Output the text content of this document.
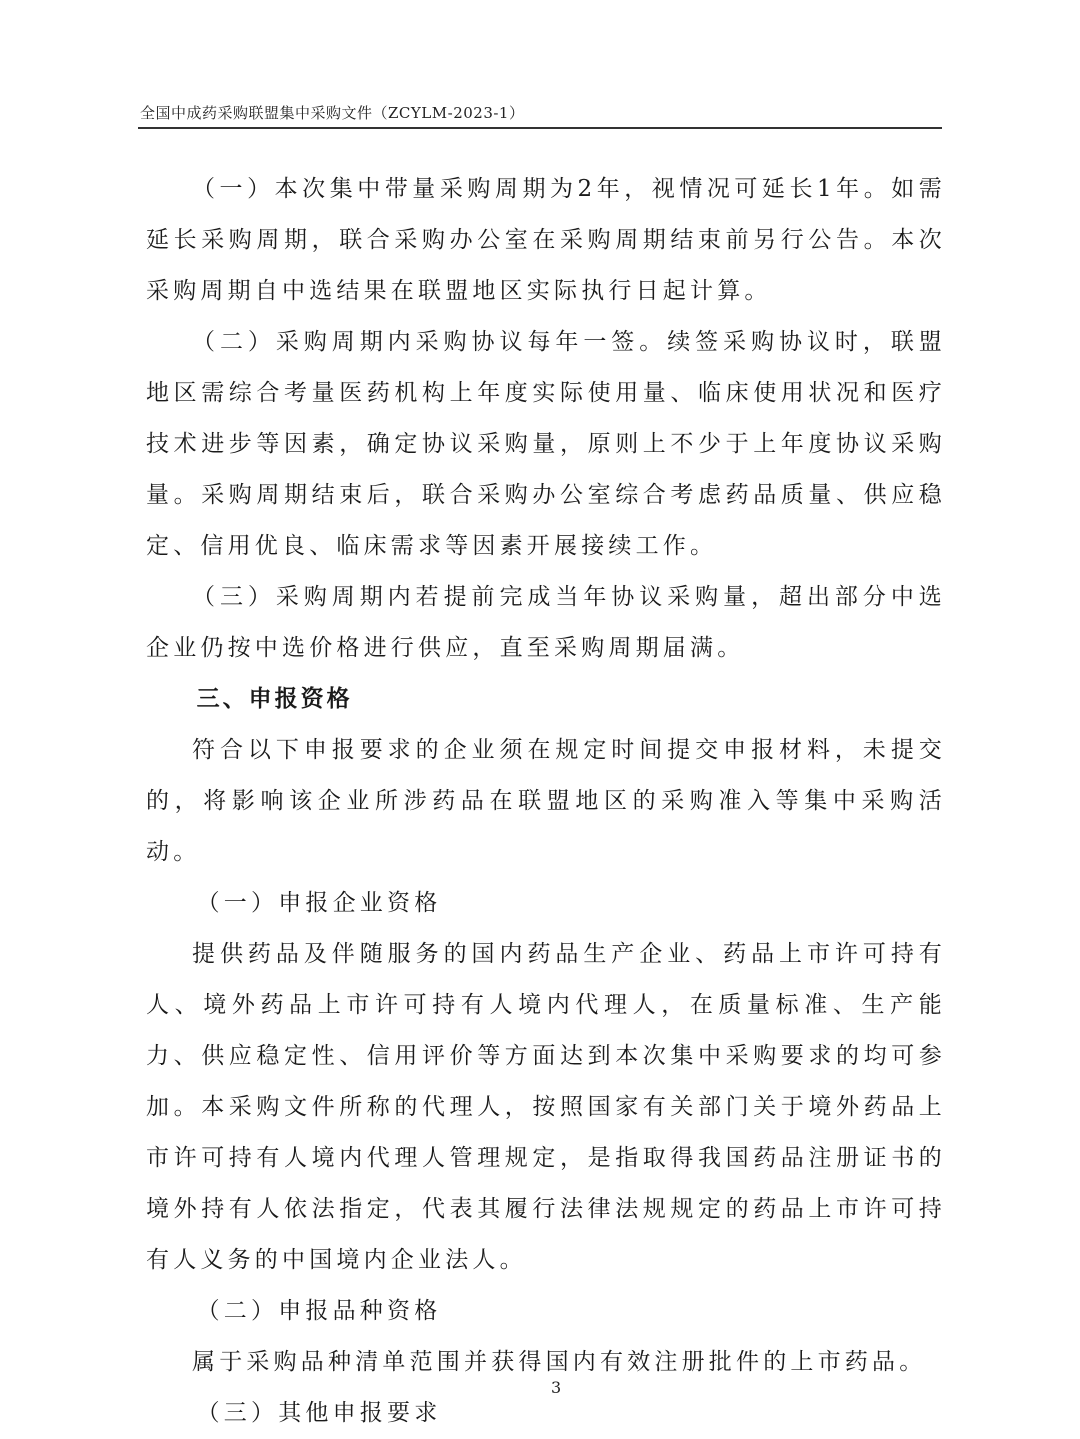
全国中成药采购联盟集中采购文件（ZCYLM-2023-1）

（一）本次集中带量采购周期为2年，视情况可延长1年。如需延长采购周期，联合采购办公室在采购周期结束前另行公告。本次采购周期自中选结果在联盟地区实际执行日起计算。

（二）采购周期内采购协议每年一签。续签采购协议时，联盟地区需综合考量医药机构上年度实际使用量、临床使用状况和医疗技术进步等因素，确定协议采购量，原则上不少于上年度协议采购量。采购周期结束后，联合采购办公室综合考虑药品质量、供应稳定、信用优良、临床需求等因素开展接续工作。

（三）采购周期内若提前完成当年协议采购量，超出部分中选企业仍按中选价格进行供应，直至采购周期届满。

三、申报资格

符合以下申报要求的企业须在规定时间提交申报材料，未提交的，将影响该企业所涉药品在联盟地区的采购准入等集中采购活动。

（一）申报企业资格

提供药品及伴随服务的国内药品生产企业、药品上市许可持有人、境外药品上市许可持有人境内代理人，在质量标准、生产能力、供应稳定性、信用评价等方面达到本次集中采购要求的均可参加。本采购文件所称的代理人，按照国家有关部门关于境外药品上市许可持有人境内代理人管理规定，是指取得我国药品注册证书的境外持有人依法指定，代表其履行法律法规规定的药品上市许可持有人义务的中国境内企业法人。

（二）申报品种资格

属于采购品种清单范围并获得国内有效注册批件的上市药品。

（三）其他申报要求

3
